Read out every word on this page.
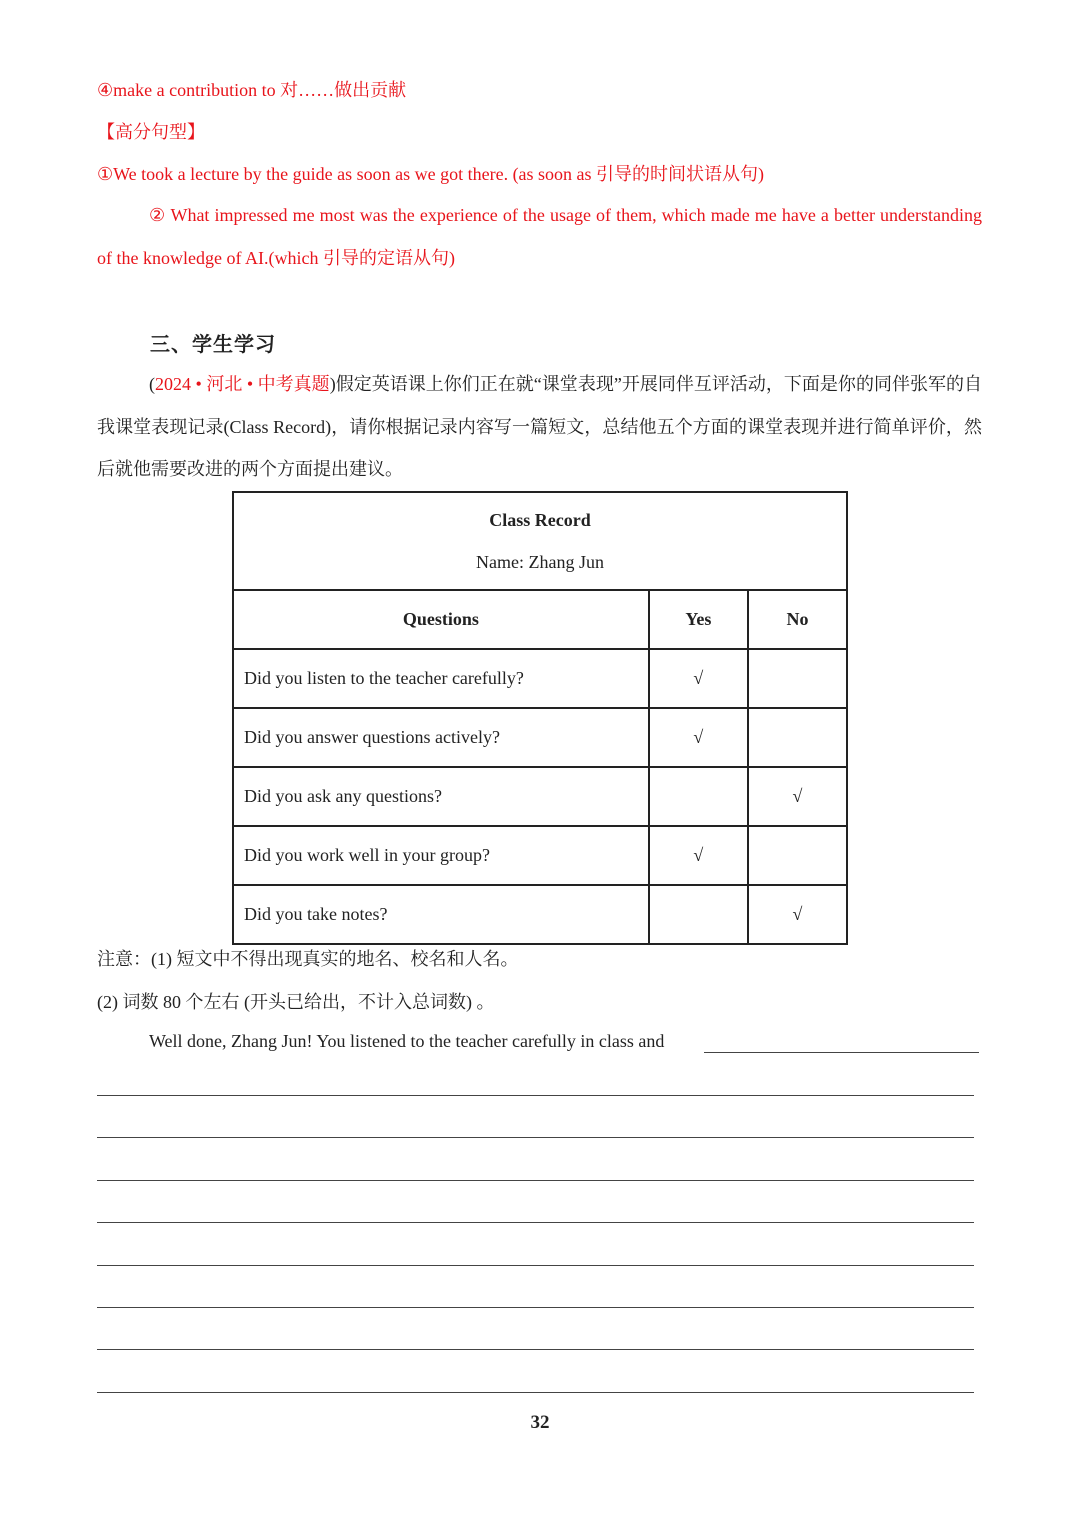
④make a contribution to 对……做出贡献
【高分句型】
①We took a lecture by the guide as soon as we got there. (as soon as 引导的时间状语从句)
② What impressed me most was the experience of the usage of them, which made me have a better understanding of the knowledge of AI.(which 引导的定语从句)
三、学生学习
(2024 • 河北 • 中考真题)假定英语课上你们正在就“课堂表现”开展同伴互评活动，下面是你的同伴张军的自我课堂表现记录(Class Record)，请你根据记录内容写一篇短文，总结他五个方面的课堂表现并进行简单评价，然后就他需要改进的两个方面提出建议。
Class Record
Name: Zhang Jun		

Questions	Yes	No
Did you listen to the teacher carefully?	√	
Did you answer questions actively?	√	
Did you ask any questions?		√
Did you work well in your group?	√	
Did you take notes?		√
注意：(1) 短文中不得出现真实的地名、校名和人名。
(2) 词数 80 个左右 (开头已给出，不计入总词数) 。
Well done, Zhang Jun! You listened to the teacher carefully in class and
32
